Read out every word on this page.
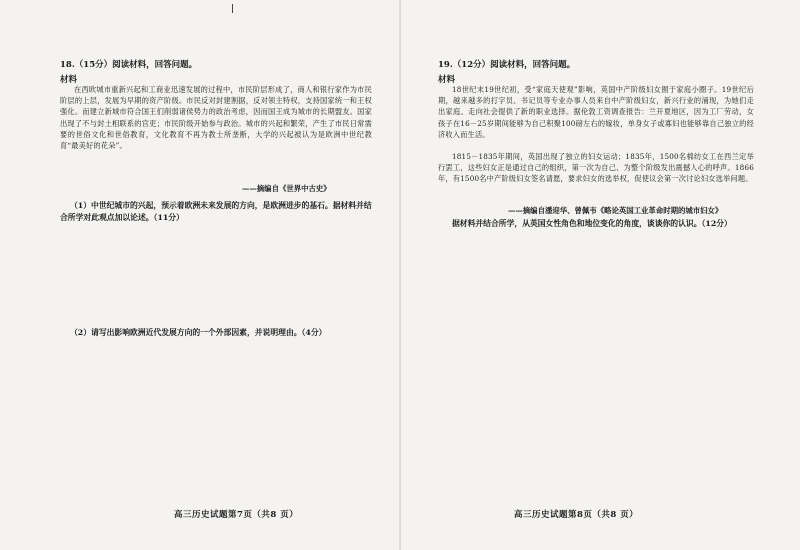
18.（15分）阅读材料，回答问题。
材料
在西欧城市重新兴起和工商业迅速发展的过程中，市民阶层形成了，商人和银行家作为市民阶层的上层，发展为早期的资产阶级。市民反对封建割据，反对领主特权，支持国家统一和王权强化。而建立新城市符合国王们削弱诸侯势力的政治考虑，因而国王成为城市的长期盟友。国家出现了不与封土相联系的官吏；市民阶级开始参与政治。城市的兴起和繁荣，产生了市民日常需要的世俗文化和世俗教育，文化教育不再为教士所垄断，大学的兴起被认为是欧洲中世纪教育“最美好的花朵”。
——摘编自《世界中古史》
（1）中世纪城市的兴起，预示着欧洲未来发展的方向，是欧洲进步的基石。据材料并结合所学对此观点加以论述。（11分）
（2）请写出影响欧洲近代发展方向的一个外部因素，并说明理由。（4分）
高三历史试题第7页（共8 页）
19.（12分）阅读材料，回答问题。
材料
18世纪末19世纪初，受“家庭天使观”影响，英国中产阶级妇女囿于家庭小圈子。19世纪后期，越来越多的打字员、书记员等专业办事人员来自中产阶级妇女，新兴行业的涌现，为她们走出家庭、走向社会提供了新的职业选择。据伦敦工资调查报告：兰开夏地区，因为工厂劳动，女孩子在16－25岁期间能够为自己积聚100磅左右的嫁妆，单身女子或寡妇也能够靠自己独立的经济收入而生活。
1815－1835年期间，英国出现了独立的妇女运动；1835年，1500名棉纺女工在西兰定举行罢工，这些妇女正是通过自己的组织，第一次为自己、为整个阶级发出震撼人心的呼声。1866年，有1500名中产阶级妇女签名请愿，要求妇女的选举权，促使议会第一次讨论妇女选举问题。
——摘编自潘迎华、曾佩韦《略论英国工业革命时期的城市妇女》
据材料并结合所学，从英国女性角色和地位变化的角度，谈谈你的认识。（12分）
高三历史试题第8页（共8 页）
